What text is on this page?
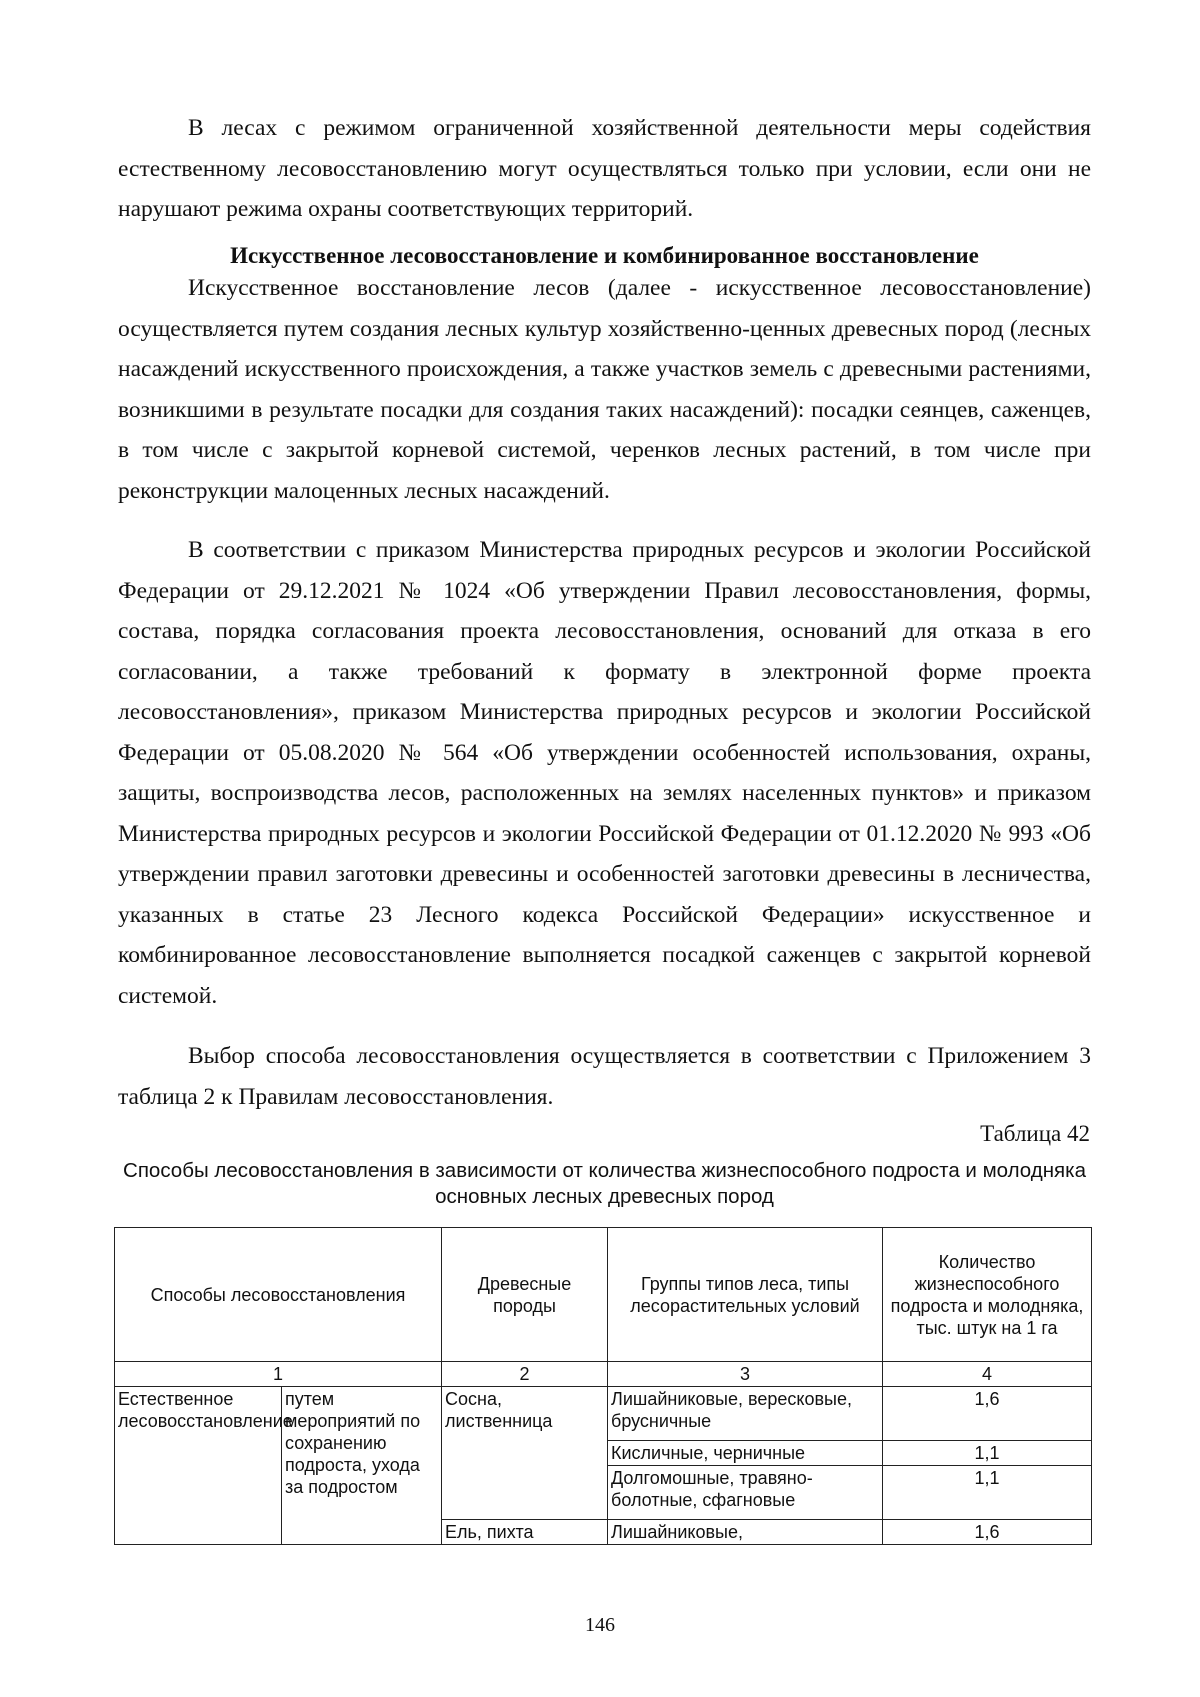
В лесах с режимом ограниченной хозяйственной деятельности меры содействия естественному лесовосстановлению могут осуществляться только при условии, если они не нарушают режима охраны соответствующих территорий.
Искусственное лесовосстановление и комбинированное восстановление
Искусственное восстановление лесов (далее - искусственное лесовосстановление) осуществляется путем создания лесных культур хозяйственно-ценных древесных пород (лесных насаждений искусственного происхождения, а также участков земель с древесными растениями, возникшими в результате посадки для создания таких насаждений): посадки сеянцев, саженцев, в том числе с закрытой корневой системой, черенков лесных растений, в том числе при реконструкции малоценных лесных насаждений.
В соответствии с приказом Министерства природных ресурсов и экологии Российской Федерации от 29.12.2021 № 1024 «Об утверждении Правил лесовосстановления, формы, состава, порядка согласования проекта лесовосстановления, оснований для отказа в его согласовании, а также требований к формату в электронной форме проекта лесовосстановления», приказом Министерства природных ресурсов и экологии Российской Федерации от 05.08.2020 № 564 «Об утверждении особенностей использования, охраны, защиты, воспроизводства лесов, расположенных на землях населенных пунктов» и приказом Министерства природных ресурсов и экологии Российской Федерации от 01.12.2020 № 993 «Об утверждении правил заготовки древесины и особенностей заготовки древесины в лесничества, указанных в статье 23 Лесного кодекса Российской Федерации» искусственное и комбинированное лесовосстановление выполняется посадкой саженцев с закрытой корневой системой.
Выбор способа лесовосстановления осуществляется в соответствии с Приложением 3 таблица 2 к Правилам лесовосстановления.
Таблица 42
Способы лесовосстановления в зависимости от количества жизнеспособного подроста и молодняка основных лесных древесных пород
Способы лесовосстановления		Древесные породы	Группы типов леса, типы лесорастительных условий	Количество жизнеспособного подроста и молодняка, тыс. штук на 1 га
1		2	3	4
Естественное лесовосстановление	путем мероприятий по сохранению подроста, ухода за подростом	Сосна, лиственница	Лишайниковые, вересковые, брусничные	1,6
			Кисличные, черничные	1,1
			Долгомошные, травяно-болотные, сфагновые	1,1
		Ель, пихта	Лишайниковые,	1,6
146
